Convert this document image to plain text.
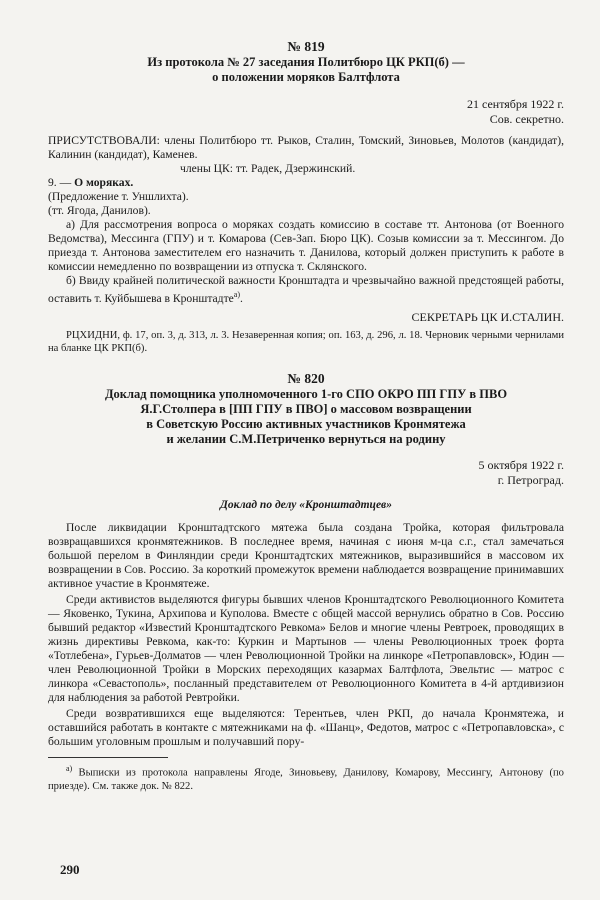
№ 819

Из протокола № 27 заседания Политбюро ЦК РКП(б) —

о положении моряков Балтфлота

21 сентября 1922 г.

Сов. секретно.

ПРИСУТСТВОВАЛИ: члены Политбюро тт. Рыков, Сталин, Томский, Зиновьев, Молотов (кандидат), Калинин (кандидат), Каменев.

члены ЦК: тт. Радек, Дзержинский.

9. — О моряках.

(Предложение т. Уншлихта).

(тт. Ягода, Данилов).

а) Для рассмотрения вопроса о моряках создать комиссию в составе тт. Антонова (от Военного Ведомства), Мессинга (ГПУ) и т. Комарова (Сев-Зап. Бюро ЦК). Созыв комиссии за т. Мессингом. До приезда т. Антонова заместителем его назначить т. Данилова, который должен приступить к работе в комиссии немедленно по возвращении из отпуска т. Склянского.

б) Ввиду крайней политической важности Кронштадта и чрезвычайно важной предстоящей работы, оставить т. Куйбышева в Кронштадте$^{а)}$.

СЕКРЕТАРЬ ЦК И.СТАЛИН.

РЦХИДНИ, ф. 17, оп. 3, д. 313, л. 3. Незаверенная копия; оп. 163, д. 296, л. 18. Черновик черными чернилами на бланке ЦК РКП(б).

№ 820

Доклад помощника уполномоченного 1-го СПО ОКРО ПП ГПУ в ПВО

Я.Г.Столпера в [ПП ГПУ в ПВО] о массовом возвращении

в Советскую Россию активных участников Кронмятежа

и желании С.М.Петриченко вернуться на родину

5 октября 1922 г.

г. Петроград.

Доклад по делу «Кронштадтцев»

После ликвидации Кронштадтского мятежа была создана Тройка, которая фильтровала возвращавшихся кронмятежников. В последнее время, начиная с июня м-ца с.г., стал замечаться большой перелом в Финляндии среди Кронштадтских мятежников, выразившийся в массовом их возвращении в Сов. Россию. За короткий промежуток времени наблюдается возвращение принимавших активное участие в Кронмятеже.

Среди активистов выделяются фигуры бывших членов Кронштадтского Революционного Комитета — Яковенко, Тукина, Архипова и Куполова. Вместе с общей массой вернулись обратно в Сов. Россию бывший редактор «Известий Кронштадтского Ревкома» Белов и многие члены Ревтроек, проводящих в жизнь директивы Ревкома, как-то: Куркин и Мартынов — члены Революционных троек форта «Тотлебена», Гурьев-Долматов — член Революционной Тройки на линкоре «Петропавловск», Юдин — член Революционной Тройки в Морских переходящих казармах Балтфлота, Эвельтис — матрос с линкора «Севастополь», посланный представителем от Революционного Комитета в 4-й артдивизион для наблюдения за работой Ревтройки.

Среди возвратившихся еще выделяются: Терентьев, член РКП, до начала Кронмятежа, и оставшийся работать в контакте с мятежниками на ф. «Шанц», Федотов, матрос с «Петропавловска», с большим уголовным прошлым и получавший пору-

$^{а)}$ Выписки из протокола направлены Ягоде, Зиновьеву, Данилову, Комарову, Мессингу, Антонову (по приезде). См. также док. № 822.

290
